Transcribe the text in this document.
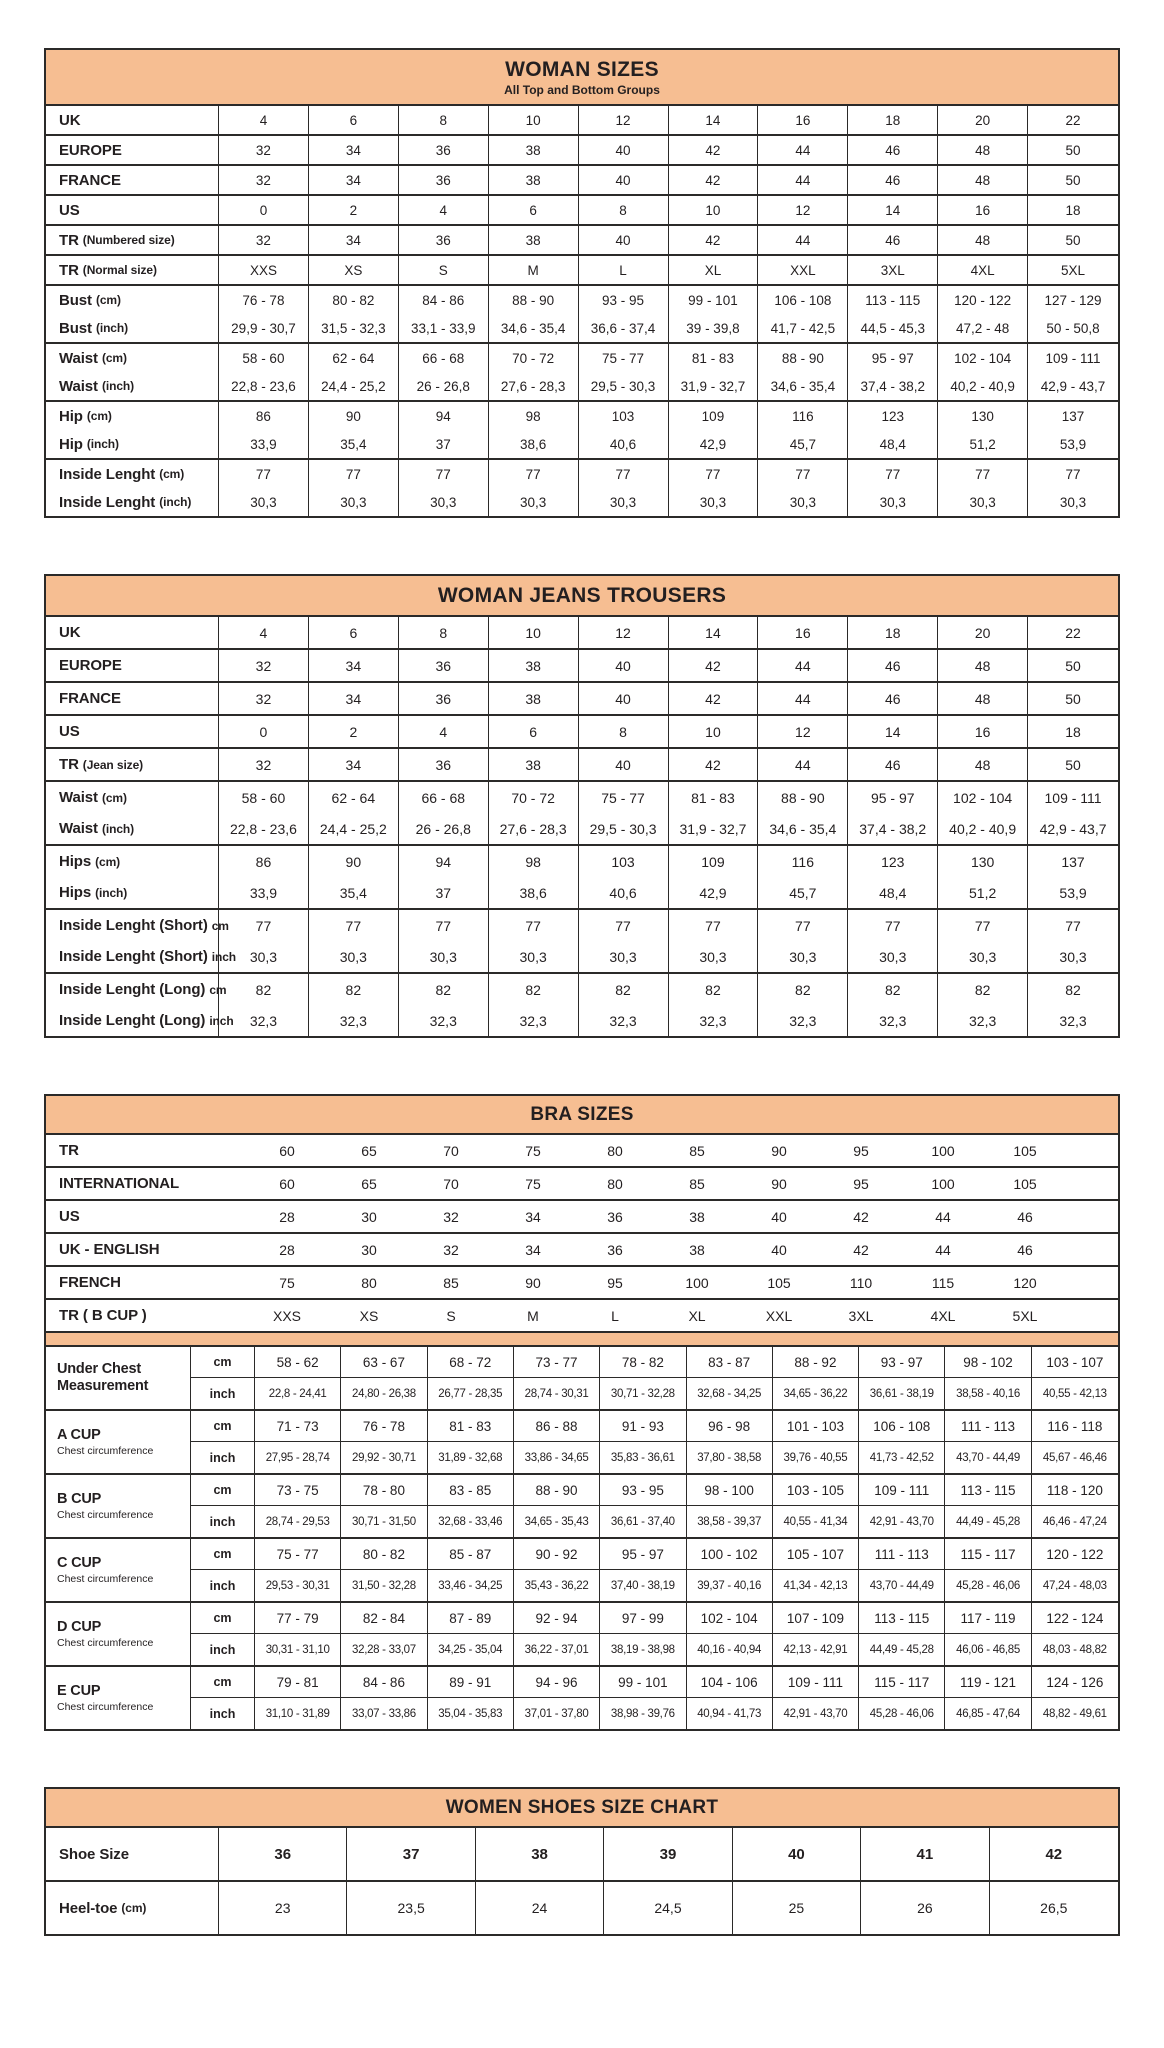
WOMAN SIZES
All Top and Bottom Groups
UK	4	6	8	10	12	14	16	18	20	22
EUROPE	32	34	36	38	40	42	44	46	48	50
FRANCE	32	34	36	38	40	42	44	46	48	50
US	0	2	4	6	8	10	12	14	16	18
TR (Numbered size)	32	34	36	38	40	42	44	46	48	50
TR (Normal size)	XXS	XS	S	M	L	XL	XXL	3XL	4XL	5XL
Bust (cm)	76 - 78	80 - 82	84 - 86	88 - 90	93 - 95	99 - 101	106 - 108	113 - 115	120 - 122	127 - 129
Bust (inch)	29,9 - 30,7	31,5 - 32,3	33,1 - 33,9	34,6 - 35,4	36,6 - 37,4	39 - 39,8	41,7 - 42,5	44,5 - 45,3	47,2 - 48	50 - 50,8
Waist (cm)	58 - 60	62 - 64	66 - 68	70 - 72	75 - 77	81 - 83	88 - 90	95 - 97	102 - 104	109 - 111
Waist (inch)	22,8 - 23,6	24,4 - 25,2	26 - 26,8	27,6 - 28,3	29,5 - 30,3	31,9 - 32,7	34,6 - 35,4	37,4 - 38,2	40,2 - 40,9	42,9 - 43,7
Hip (cm)	86	90	94	98	103	109	116	123	130	137
Hip (inch)	33,9	35,4	37	38,6	40,6	42,9	45,7	48,4	51,2	53,9
Inside Lenght (cm)	77	77	77	77	77	77	77	77	77	77
Inside Lenght (inch)	30,3	30,3	30,3	30,3	30,3	30,3	30,3	30,3	30,3	30,3
WOMAN JEANS TROUSERS
UK	4	6	8	10	12	14	16	18	20	22
EUROPE	32	34	36	38	40	42	44	46	48	50
FRANCE	32	34	36	38	40	42	44	46	48	50
US	0	2	4	6	8	10	12	14	16	18
TR (Jean size)	32	34	36	38	40	42	44	46	48	50
Waist (cm)	58 - 60	62 - 64	66 - 68	70 - 72	75 - 77	81 - 83	88 - 90	95 - 97	102 - 104	109 - 111
Waist (inch)	22,8 - 23,6	24,4 - 25,2	26 - 26,8	27,6 - 28,3	29,5 - 30,3	31,9 - 32,7	34,6 - 35,4	37,4 - 38,2	40,2 - 40,9	42,9 - 43,7
Hips (cm)	86	90	94	98	103	109	116	123	130	137
Hips (inch)	33,9	35,4	37	38,6	40,6	42,9	45,7	48,4	51,2	53,9
Inside Lenght (Short) cm	77	77	77	77	77	77	77	77	77	77
Inside Lenght (Short) inch 30,3	30,3	30,3	30,3	30,3	30,3	30,3	30,3	30,3	30,3
Inside Lenght (Long) cm	82	82	82	82	82	82	82	82	82	82
Inside Lenght (Long) inch	32,3	32,3	32,3	32,3	32,3	32,3	32,3	32,3	32,3	32,3
BRA SIZES
TR	60	65	70	75	80	85	90	95	100	105
INTERNATIONAL	60	65	70	75	80	85	90	95	100	105
US	28	30	32	34	36	38	40	42	44	46
UK - ENGLISH	28	30	32	34	36	38	40	42	44	46
FRENCH	75	80	85	90	95	100	105	110	115	120
TR ( B CUP )	XXS	XS	S	M	L	XL	XXL	3XL	4XL	5XL
Under Chest Measurement
cm	58 - 62	63 - 67	68 - 72	73 - 77	78 - 82	83 - 87	88 - 92	93 - 97	98 - 102	103 - 107
inch	22,8 - 24,41	24,80 - 26,38	26,77 - 28,35	28,74 - 30,31	30,71 - 32,28	32,68 - 34,25	34,65 - 36,22	36,61 - 38,19	38,58 - 40,16	40,55 - 42,13
A CUP
Chest circumference
cm	71 - 73	76 - 78	81 - 83	86 - 88	91 - 93	96 - 98	101 - 103	106 - 108	111 - 113	116 - 118
inch	27,95 - 28,74	29,92 - 30,71	31,89 - 32,68	33,86 - 34,65	35,83 - 36,61	37,80 - 38,58	39,76 - 40,55	41,73 - 42,52	43,70 - 44,49	45,67 - 46,46
B CUP
Chest circumference
cm	73 - 75	78 - 80	83 - 85	88 - 90	93 - 95	98 - 100	103 - 105	109 - 111	113 - 115	118 - 120
inch	28,74 - 29,53	30,71 - 31,50	32,68 - 33,46	34,65 - 35,43	36,61 - 37,40	38,58 - 39,37	40,55 - 41,34	42,91 - 43,70	44,49 - 45,28	46,46 - 47,24
C CUP
Chest circumference
cm	75 - 77	80 - 82	85 - 87	90 - 92	95 - 97	100 - 102	105 - 107	111 - 113	115 - 117	120 - 122
inch	29,53 - 30,31	31,50 - 32,28	33,46 - 34,25	35,43 - 36,22	37,40 - 38,19	39,37 - 40,16	41,34 - 42,13	43,70 - 44,49	45,28 - 46,06	47,24 - 48,03
D CUP
Chest circumference
cm	77 - 79	82 - 84	87 - 89	92 - 94	97 - 99	102 - 104	107 - 109	113 - 115	117 - 119	122 - 124
inch	30,31 - 31,10	32,28 - 33,07	34,25 - 35,04	36,22 - 37,01	38,19 - 38,98	40,16 - 40,94	42,13 - 42,91	44,49 - 45,28	46,06 - 46,85	48,03 - 48,82
E CUP
Chest circumference
cm	79 - 81	84 - 86	89 - 91	94 - 96	99 - 101	104 - 106	109 - 111	115 - 117	119 - 121	124 - 126
inch	31,10 - 31,89	33,07 - 33,86	35,04 - 35,83	37,01 - 37,80	38,98 - 39,76	40,94 - 41,73	42,91 - 43,70	45,28 - 46,06	46,85 - 47,64	48,82 - 49,61
WOMEN SHOES SIZE CHART
Shoe Size	36	37	38	39	40	41	42
Heel-toe (cm)	23	23,5	24	24,5	25	26	26,5
